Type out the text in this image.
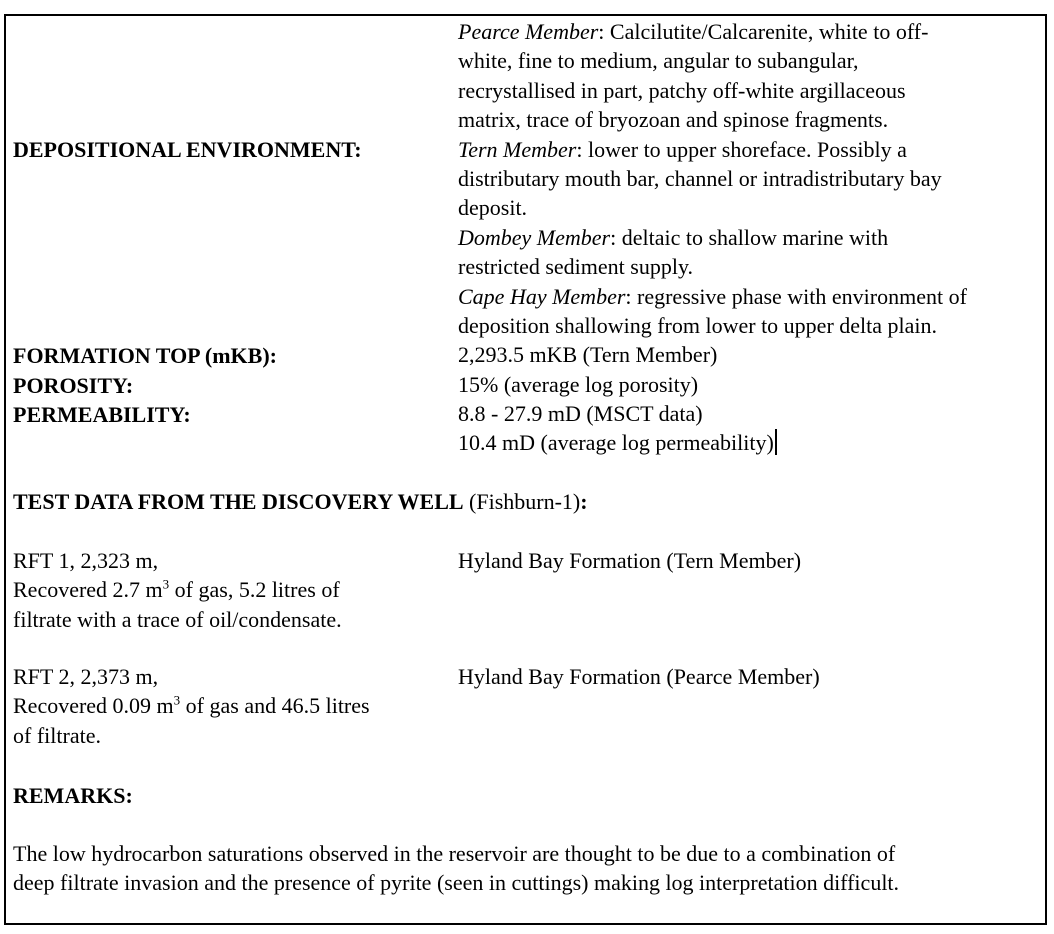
DEPOSITIONAL ENVIRONMENT:
FORMATION TOP (mKB):
POROSITY:
PERMEABILITY:
Pearce Member: Calcilutite/Calcarenite, white to off-
white, fine to medium, angular to subangular,
recrystallised in part, patchy off-white argillaceous
matrix, trace of bryozoan and spinose fragments.
Tern Member: lower to upper shoreface. Possibly a
distributary mouth bar, channel or intradistributary bay
deposit.
Dombey Member: deltaic to shallow marine with
restricted sediment supply.
Cape Hay Member: regressive phase with environment of
deposition shallowing from lower to upper delta plain.
2,293.5 mKB (Tern Member)
15% (average log porosity)
8.8 - 27.9 mD (MSCT data)
10.4 mD (average log permeability)
TEST DATA FROM THE DISCOVERY WELL (Fishburn-1):
RFT 1, 2,323 m,
Recovered 2.7 $m^3$ of gas, 5.2 litres of
filtrate with a trace of oil/condensate.
Hyland Bay Formation (Tern Member)
RFT 2, 2,373 m,
Recovered 0.09 $m^3$ of gas and 46.5 litres
of filtrate.
Hyland Bay Formation (Pearce Member)
REMARKS:
The low hydrocarbon saturations observed in the reservoir are thought to be due to a combination of
deep filtrate invasion and the presence of pyrite (seen in cuttings) making log interpretation difficult.
